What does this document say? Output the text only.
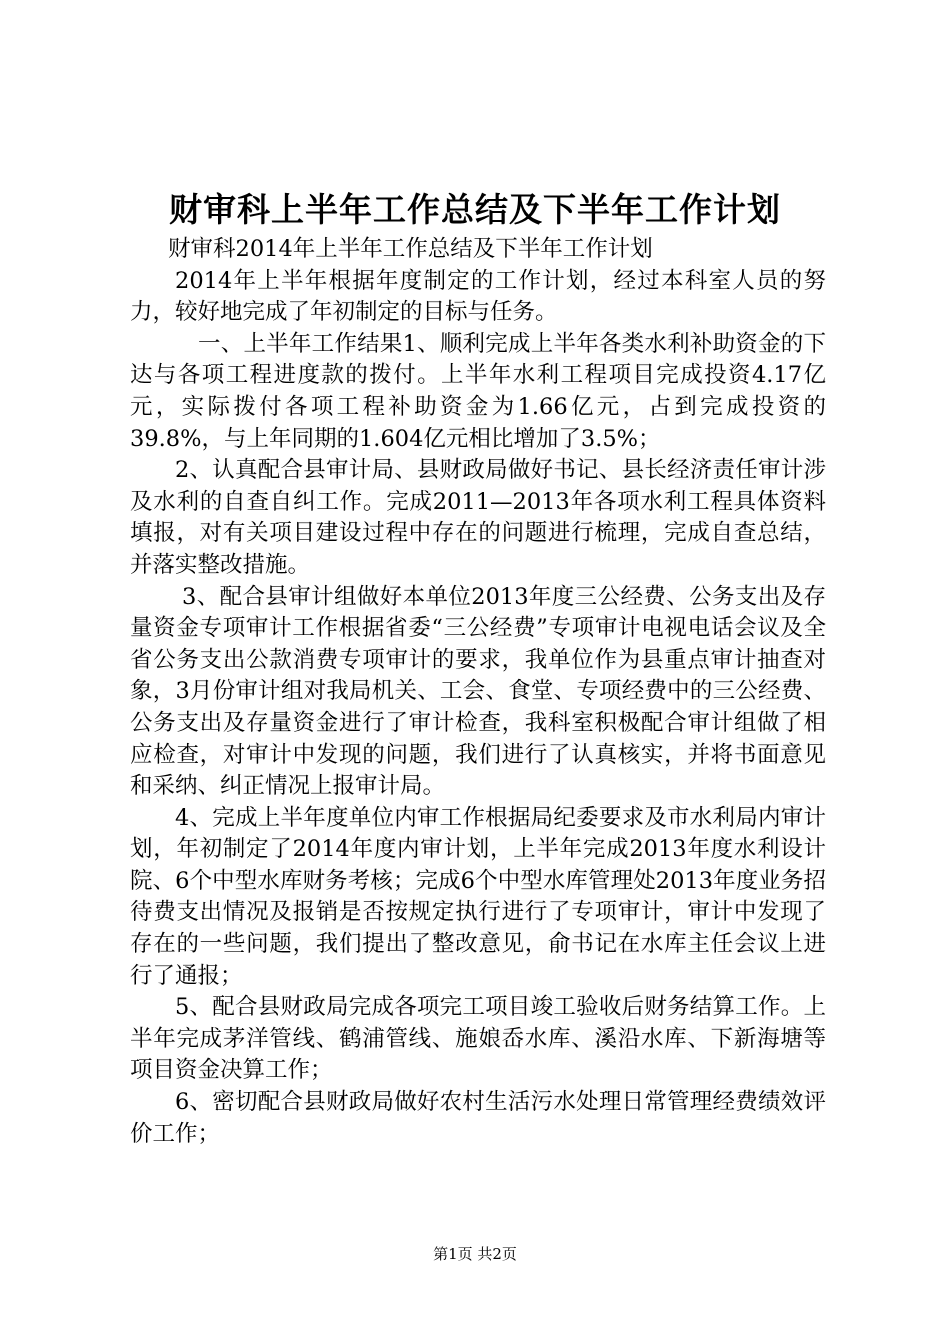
财审科上半年工作总结及下半年工作计划

财审科2014年上半年工作总结及下半年工作计划

2014年上半年根据年度制定的工作计划，经过本科室人员的努力，较好地完成了年初制定的目标与任务。

一、上半年工作结果1、顺利完成上半年各类水利补助资金的下达与各项工程进度款的拨付。上半年水利工程项目完成投资4.17亿元，实际拨付各项工程补助资金为1.66亿元，占到完成投资的39.8%，与上年同期的1.604亿元相比增加了3.5%；

2、认真配合县审计局、县财政局做好书记、县长经济责任审计涉及水利的自查自纠工作。完成2011—2013年各项水利工程具体资料填报，对有关项目建设过程中存在的问题进行梳理，完成自查总结，并落实整改措施。

3、配合县审计组做好本单位2013年度三公经费、公务支出及存量资金专项审计工作根据省委“三公经费”专项审计电视电话会议及全省公务支出公款消费专项审计的要求，我单位作为县重点审计抽查对象，3月份审计组对我局机关、工会、食堂、专项经费中的三公经费、公务支出及存量资金进行了审计检查，我科室积极配合审计组做了相应检查，对审计中发现的问题，我们进行了认真核实，并将书面意见和采纳、纠正情况上报审计局。

4、完成上半年度单位内审工作根据局纪委要求及市水利局内审计划，年初制定了2014年度内审计划，上半年完成2013年度水利设计院、6个中型水库财务考核；完成6个中型水库管理处2013年度业务招待费支出情况及报销是否按规定执行进行了专项审计，审计中发现了存在的一些问题，我们提出了整改意见，俞书记在水库主任会议上进行了通报；

5、配合县财政局完成各项完工项目竣工验收后财务结算工作。上半年完成茅洋管线、鹤浦管线、施娘岙水库、溪沿水库、下新海塘等项目资金决算工作；

6、密切配合县财政局做好农村生活污水处理日常管理经费绩效评价工作；

第1页 共2页
